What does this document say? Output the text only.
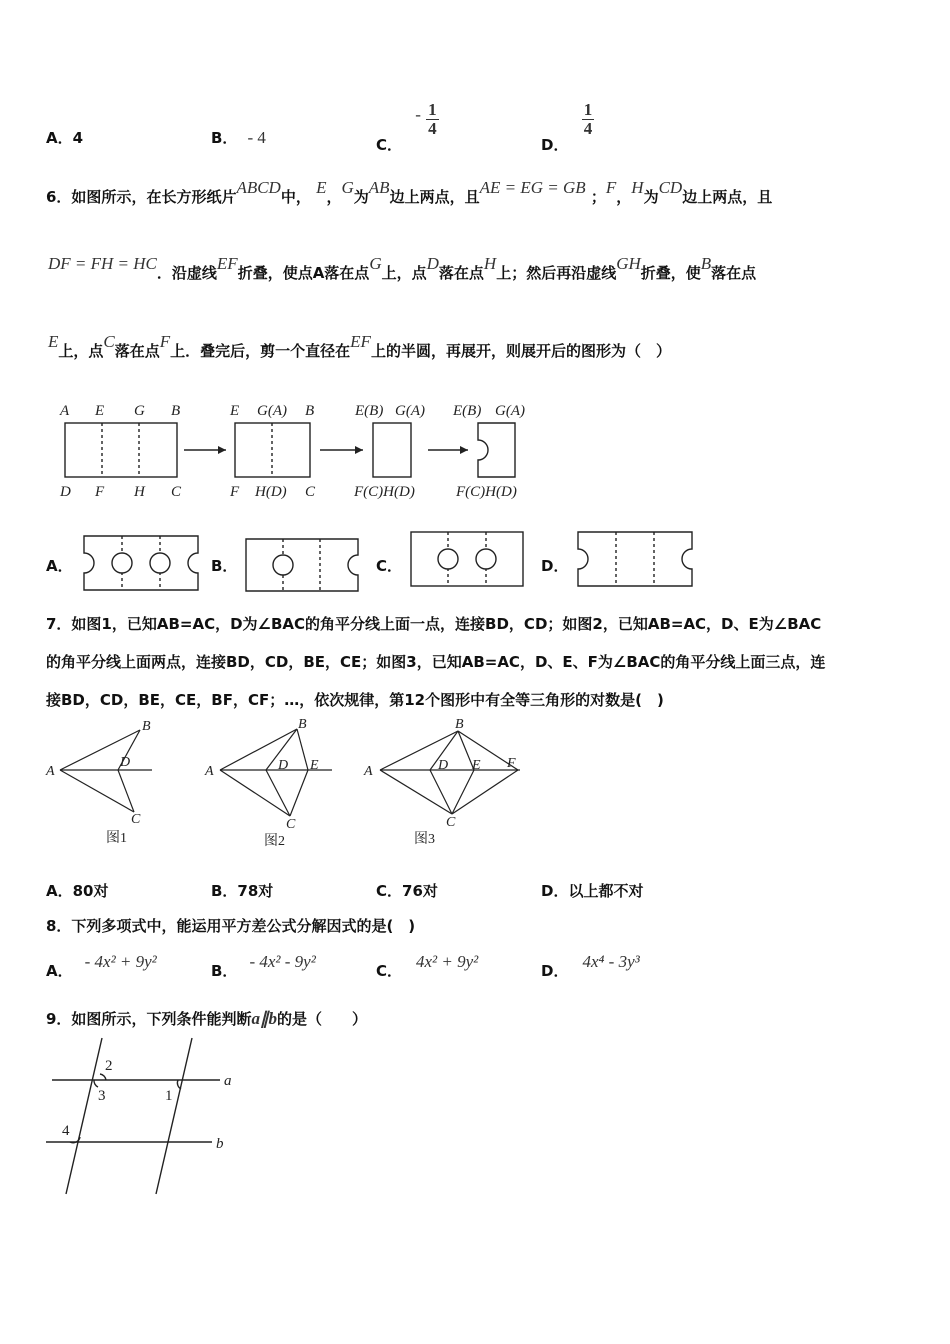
A．4	B． - 4	C． - $\frac{1}{4}$
D．
$\frac{1}{4}$
6．如图所示，在长方形纸片ABCD中， E，G为AB边上两点，且AE = EG = GB ；F，H为CD边上两点，且
DF = FH = HC．沿虚线EF折叠，使点A落在点G上，点D落在点H上；然后再沿虚线GH折叠，使B落在点
E上，点C落在点F上．叠完后，剪一个直径在EF上的半圆，再展开，则展开后的图形为（　）
A E G B	E G(A) B	E(B) G(A) E(B) G(A)
D F H C	F H(D) C	F(C)H(D)	F(C)H(D)
A．	B．	C．	D．
7．如图1，已知AB=AC，D为∠BAC的角平分线上面一点，连接BD，CD；如图2，已知AB=AC，D、E为∠BAC
的角平分线上面两点，连接BD，CD，BE，CE；如图3，已知AB=AC，D、E、F为∠BAC的角平分线上面三点，连
接BD，CD，BE，CE，BF，CF；…，依次规律，第12个图形中有全等三角形的对数是(　)
A
B
D
C
A
B
D E
C
A
B
D E F
C
图1	图2	图3
A．80对	B．78对	C．76对	D．以上都不对
8．下列多项式中，能运用平方差公式分解因式的是(　)
A． - 4x² + 9y²	B． - 4x² - 9y²	C． 4x² + 9y²	D． 4x⁴ - 3y³
9．如图所示，下列条件能判断a∥b的是（　　）
a
b
1
2
3
4
